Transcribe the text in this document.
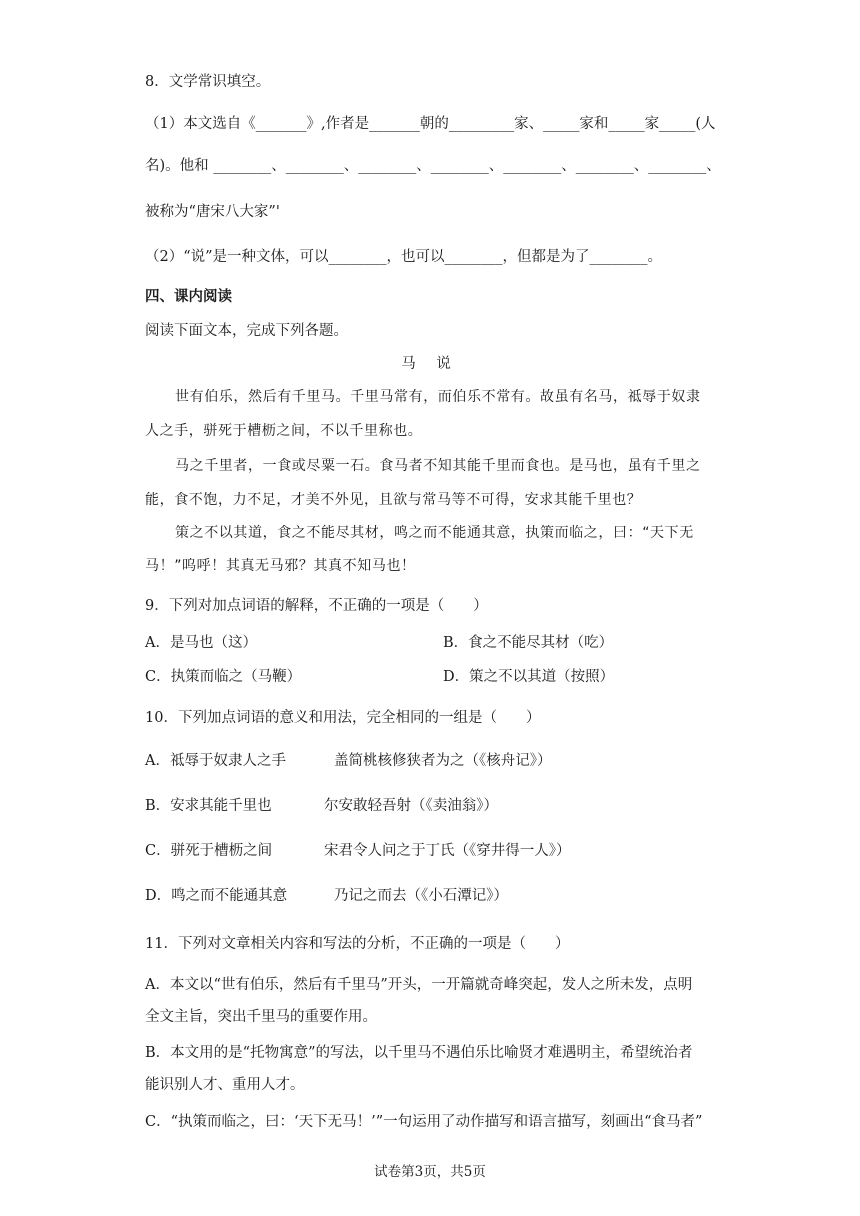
8．文学常识填空。
（1）本文选自《_______》,作者是_______朝的_________家、_____家和_____家_____(人
名)。他和 ________、________、________、________、________、________、________、
被称为“唐宋八大家”'
（2）“说”是一种文体，可以________，也可以________，但都是为了________。
四、课内阅读
阅读下面文本，完成下列各题。
马 说
世有伯乐，然后有千里马。千里马常有，而伯乐不常有。故虽有名马，祗辱于奴隶
人之手，骈死于槽枥之间，不以千里称也。
马之千里者，一食或尽粟一石。食马者不知其能千里而食也。是马也，虽有千里之
能，食不饱，力不足，才美不外见，且欲与常马等不可得，安求其能千里也？
策之不以其道，食之不能尽其材，鸣之而不能通其意，执策而临之，曰：“天下无
马！”呜呼！其真无马邪？其真不知马也！
9．下列对加点词语的解释，不正确的一项是（　　）
A．是马也（这）	B．食之不能尽其材（吃）
C．执策而临之（马鞭）	D．策之不以其道（按照）
10．下列加点词语的意义和用法，完全相同的一组是（　　）
A．祗辱于奴隶人之手	盖简桃核修狭者为之（《核舟记》）
B．安求其能千里也	尔安敢轻吾射（《卖油翁》）
C．骈死于槽枥之间	宋君令人问之于丁氏（《穿井得一人》）
D．鸣之而不能通其意	乃记之而去（《小石潭记》）
11．下列对文章相关内容和写法的分析，不正确的一项是（　　）
A．本文以“世有伯乐，然后有千里马”开头，一开篇就奇峰突起，发人之所未发，点明
全文主旨，突出千里马的重要作用。
B．本文用的是“托物寓意”的写法，以千里马不遇伯乐比喻贤才难遇明主，希望统治者
能识别人才、重用人才。
C．“执策而临之，曰：‘天下无马！’”一句运用了动作描写和语言描写，刻画出“食马者”
试卷第3页，共5页
